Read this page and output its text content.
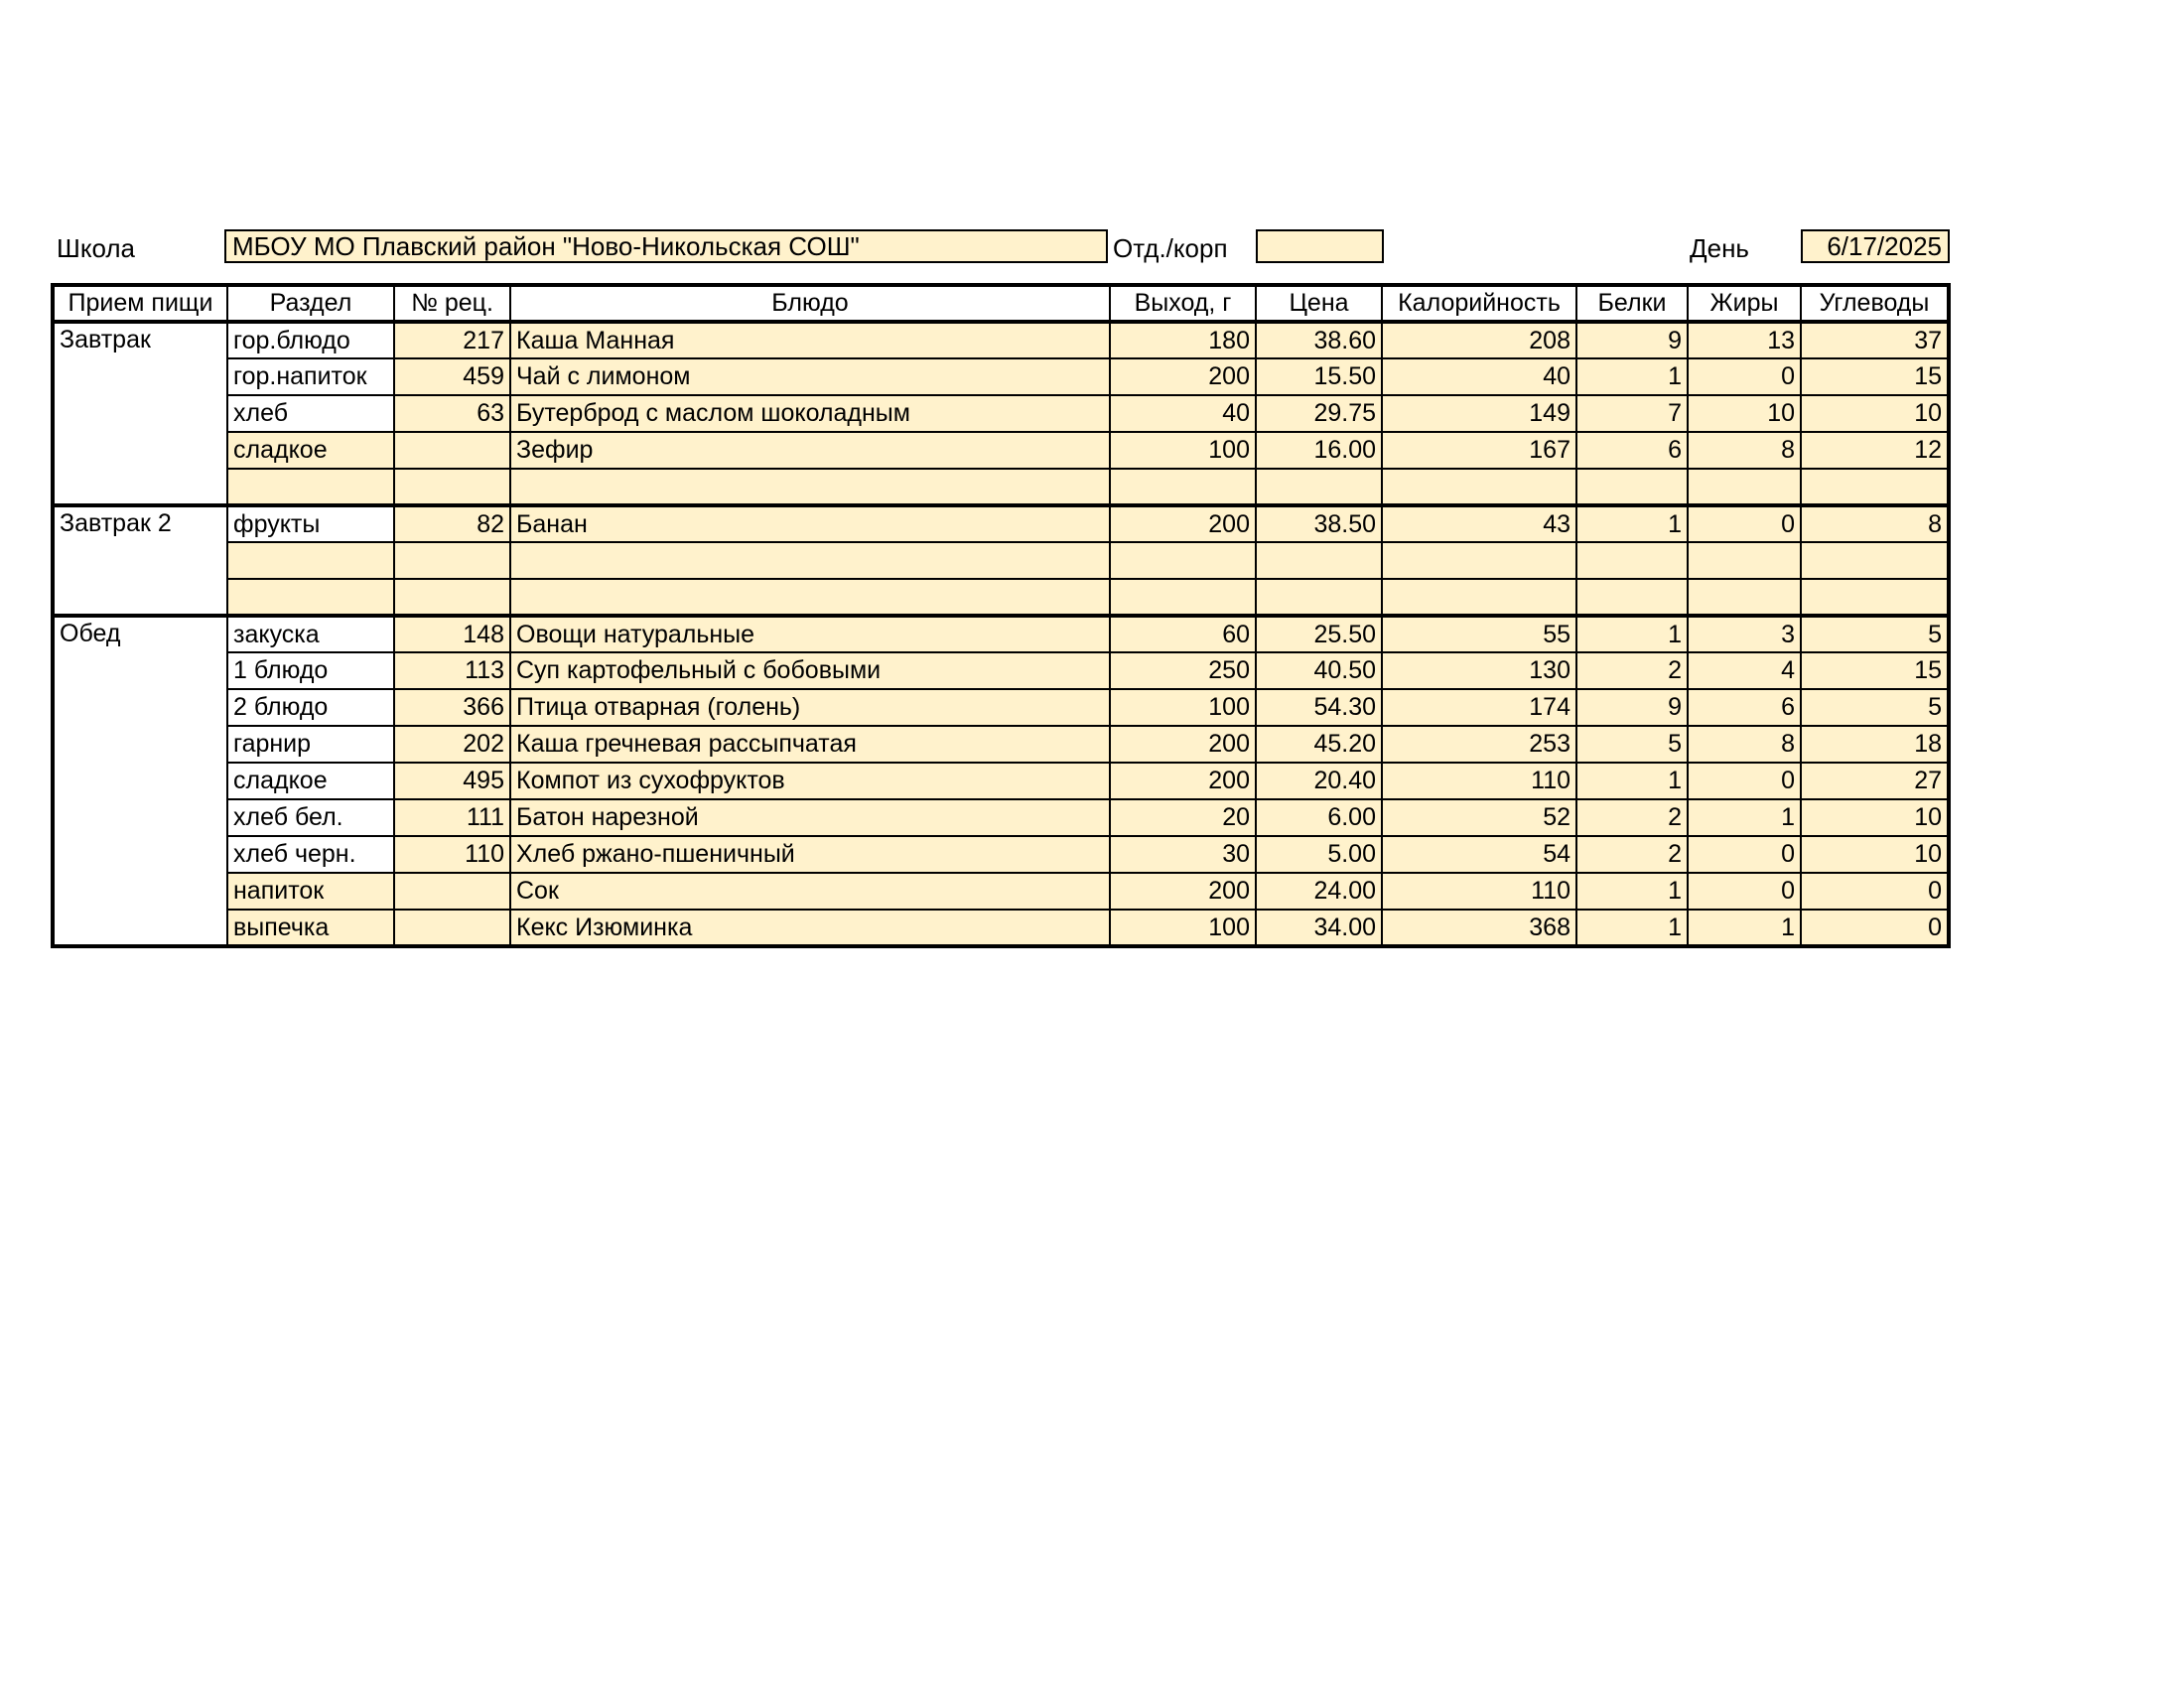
Школа	МБОУ МО Плавский район "Ново-Никольская СОШ"	Отд./корп	День	6/17/2025
Прием пищи	Раздел	№ рец.	Блюдо	Выход, г	Цена	Калорийность	Белки	Жиры	Углеводы
Завтрак	гор.блюдо	217	Каша Манная	180	38.60	208	9	13	37
	гор.напиток	459	Чай с лимоном	200	15.50	40	1	0	15
	хлеб	63	Бутерброд с маслом шоколадным	40	29.75	149	7	10	10
	сладкое		Зефир	100	16.00	167	6	8	12

Завтрак 2	фрукты	82	Банан	200	38.50	43	1	0	8

Обед	закуска	148	Овощи натуральные	60	25.50	55	1	3	5
	1 блюдо	113	Суп картофельный с бобовыми	250	40.50	130	2	4	15
	2 блюдо	366	Птица отварная (голень)	100	54.30	174	9	6	5
	гарнир	202	Каша гречневая рассыпчатая	200	45.20	253	5	8	18
	сладкое	495	Компот из сухофруктов	200	20.40	110	1	0	27
	хлеб бел.	111	Батон нарезной	20	6.00	52	2	1	10
	хлеб черн.	110	Хлеб ржано-пшеничный	30	5.00	54	2	0	10
	напиток		Сок	200	24.00	110	1	0	0
	выпечка		Кекс Изюминка	100	34.00	368	1	1	0
